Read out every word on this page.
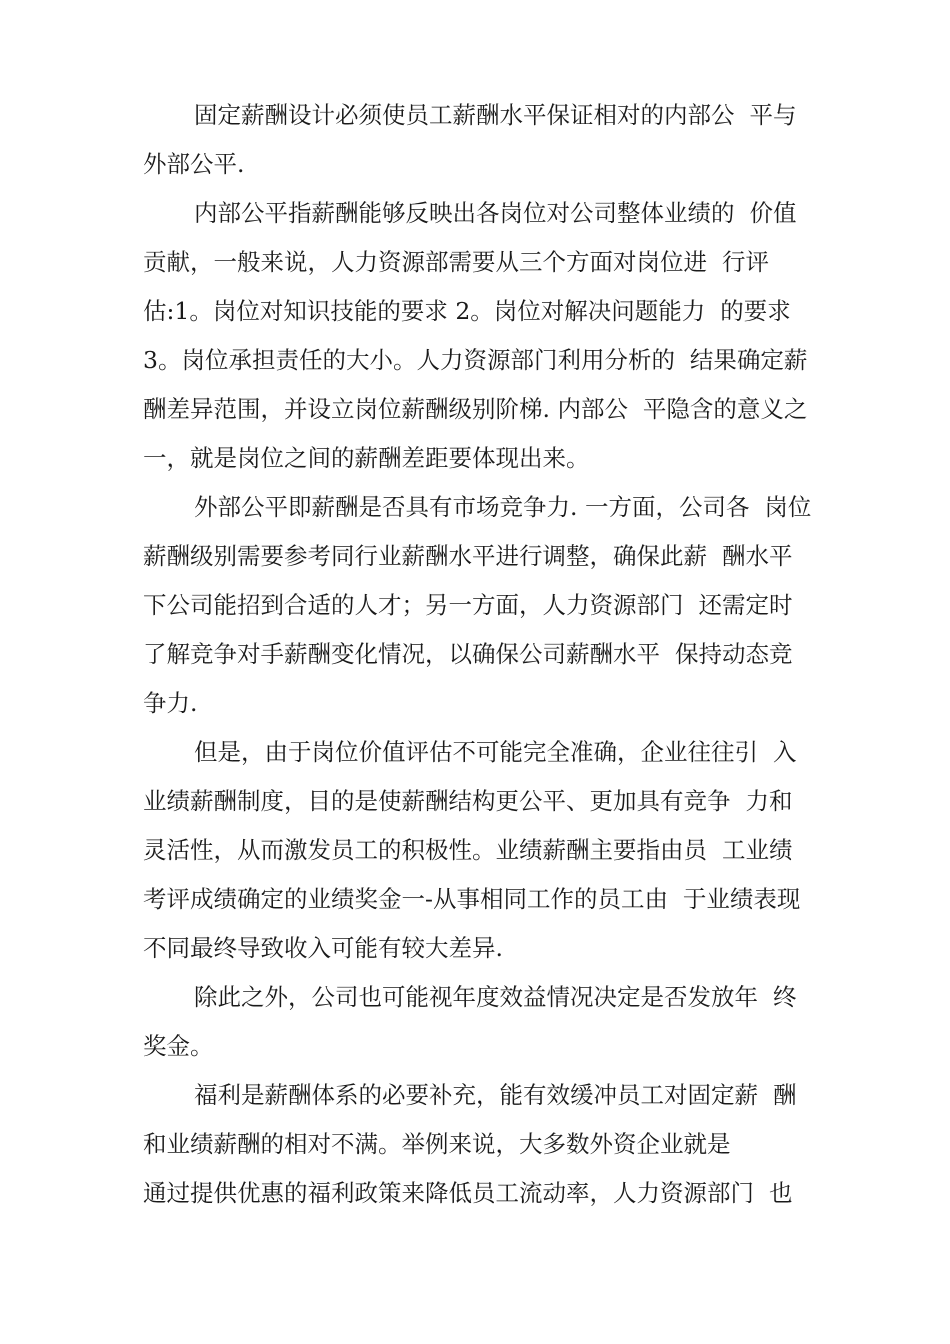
固定薪酬设计必须使员工薪酬水平保证相对的内部公  平与
外部公平.
内部公平指薪酬能够反映出各岗位对公司整体业绩的  价值
贡献，一般来说，人力资源部需要从三个方面对岗位进  行评
估:1。岗位对知识技能的要求 2。岗位对解决问题能力  的要求
3。岗位承担责任的大小。人力资源部门利用分析的  结果确定薪
酬差异范围，并设立岗位薪酬级别阶梯. 内部公  平隐含的意义之
一，就是岗位之间的薪酬差距要体现出来。
外部公平即薪酬是否具有市场竞争力. 一方面，公司各  岗位
薪酬级别需要参考同行业薪酬水平进行调整，确保此薪  酬水平
下公司能招到合适的人才；另一方面，人力资源部门  还需定时
了解竞争对手薪酬变化情况，以确保公司薪酬水平  保持动态竞
争力.
但是，由于岗位价值评估不可能完全准确，企业往往引  入
业绩薪酬制度，目的是使薪酬结构更公平、更加具有竞争  力和
灵活性，从而激发员工的积极性。业绩薪酬主要指由员  工业绩
考评成绩确定的业绩奖金一-从事相同工作的员工由  于业绩表现
不同最终导致收入可能有较大差异.
除此之外，公司也可能视年度效益情况决定是否发放年  终
奖金。
福利是薪酬体系的必要补充，能有效缓冲员工对固定薪  酬
和业绩薪酬的相对不满。举例来说，大多数外资企业就是
通过提供优惠的福利政策来降低员工流动率，人力资源部门  也
